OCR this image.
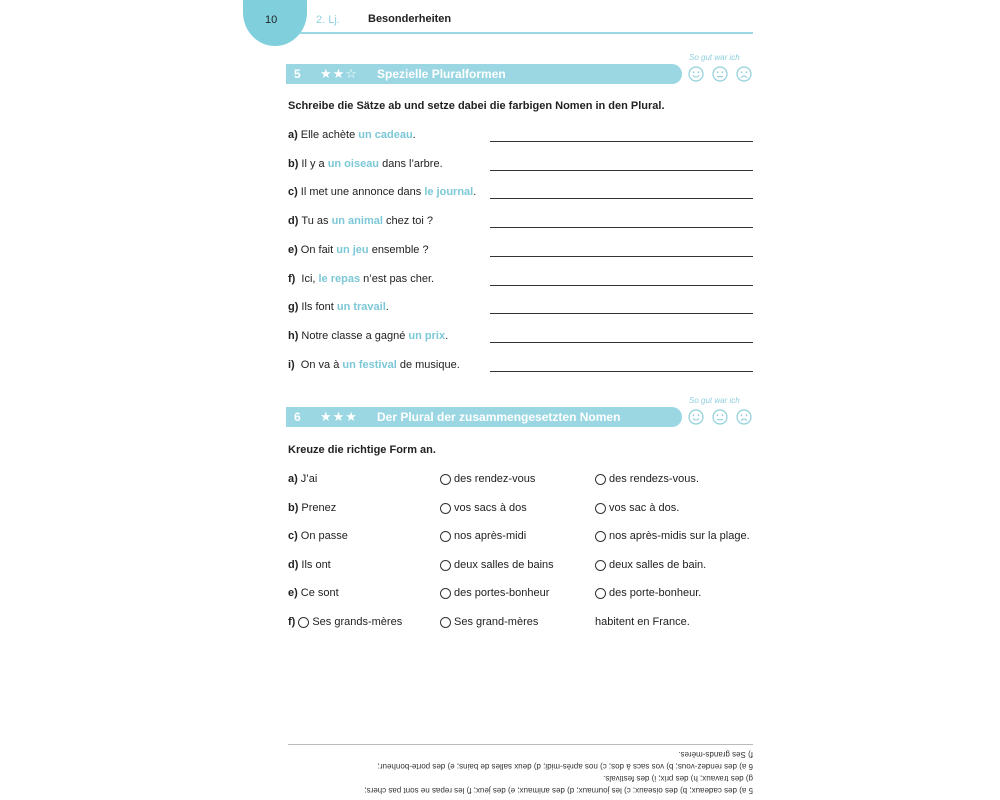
10	2. Lj.	Besonderheiten
5 ★★☆ Spezielle Pluralformen
So gut war ich
Schreibe die Sätze ab und setze dabei die farbigen Nomen in den Plural.
a) Elle achète un cadeau.
b) Il y a un oiseau dans l’arbre.
c) Il met une annonce dans le journal.
d) Tu as un animal chez toi ?
e) On fait un jeu ensemble ?
f) Ici, le repas n’est pas cher.
g) Ils font un travail.
h) Notre classe a gagné un prix.
i) On va à un festival de musique.
6 ★★★ Der Plural der zusammengesetzten Nomen
So gut war ich
Kreuze die richtige Form an.
a) J’ai	des rendez-vous	des rendezs-vous.
b) Prenez	vos sacs à dos	vos sac à dos.
c) On passe	nos après-midi	nos après-midis sur la plage.
d) Ils ont	deux salles de bains	deux salles de bain.
e) Ce sont	des portes-bonheur	des porte-bonheur.
f) Ses grands-mères	Ses grand-mères	habitent en France.
5 a) des cadeaux; b) des oiseaux; c) les journaux; d) des animaux; e) des jeux; f) les repas ne sont pas chers;
g) des travaux; h) des prix; i) des festivals.
6 a) des rendez-vous; b) vos sacs à dos; c) nos après-midi; d) deux salles de bains; e) des porte-bonheur;
f) Ses grands-mères.
